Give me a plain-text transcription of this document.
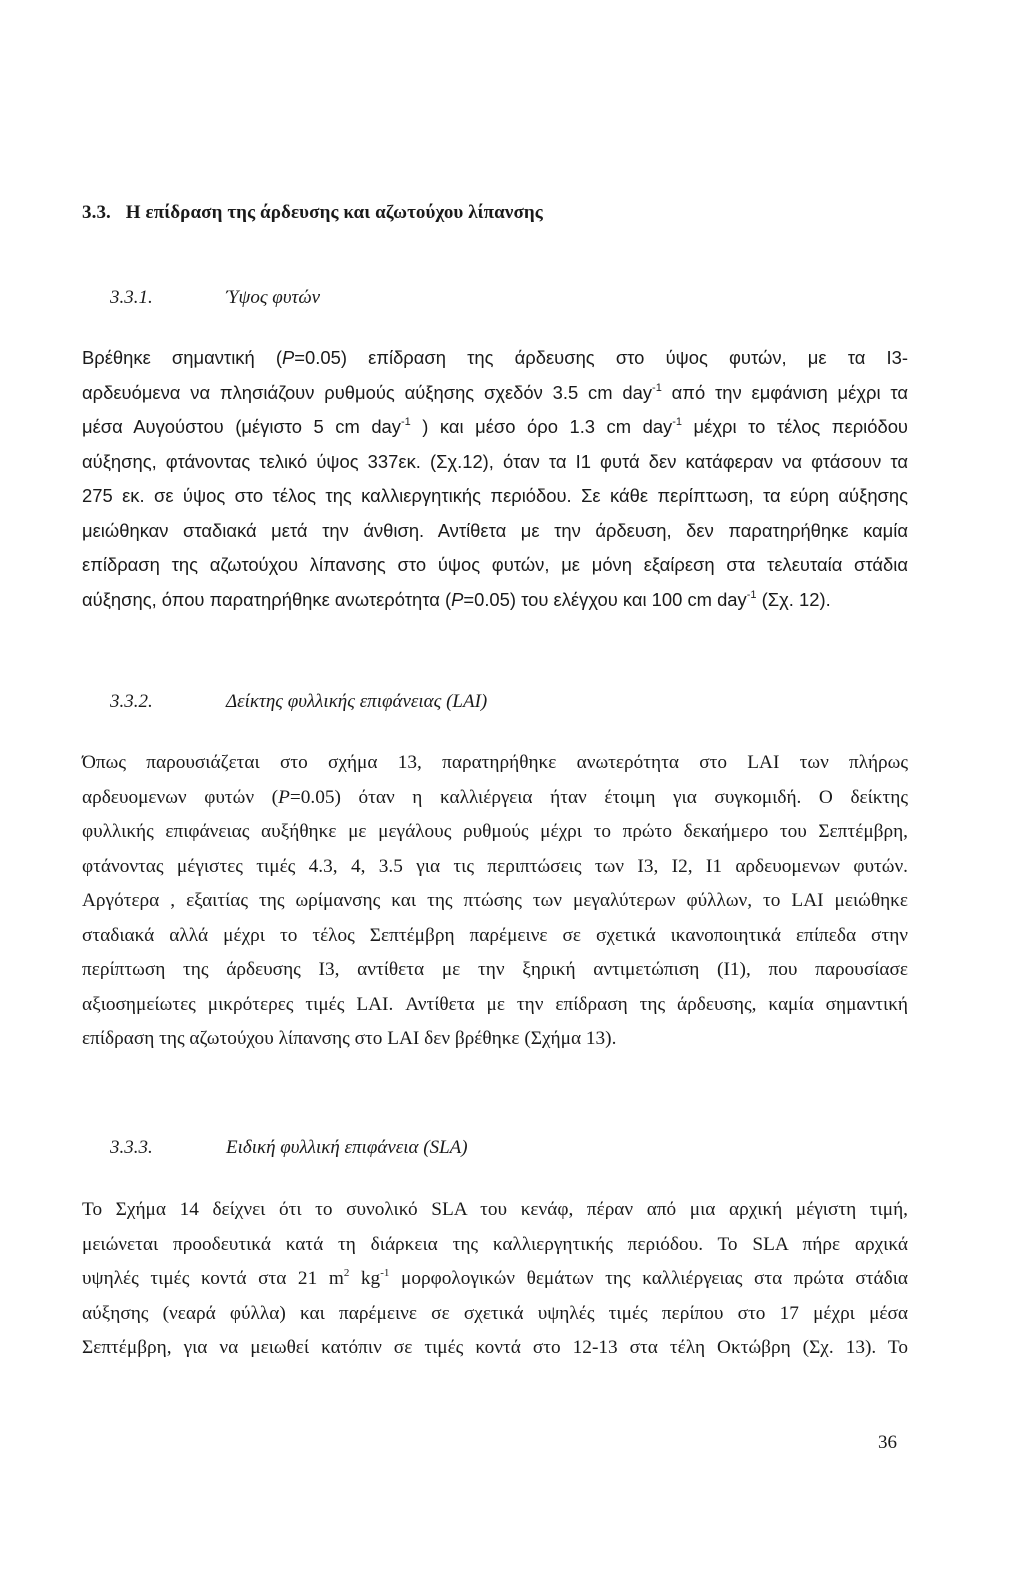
3.3. Η επίδραση της άρδευσης και αζωτούχου λίπανσης
3.3.1.	Ύψος φυτών
Βρέθηκε σημαντική (P=0.05) επίδραση της άρδευσης στο ύψος φυτών, με τα Ι3-
αρδευόμενα να πλησιάζουν ρυθμούς αύξησης σχεδόν 3.5 cm day$^{-1}$ από την εμφάνιση μέχρι τα
μέσα Αυγούστου (μέγιστο 5 cm day$^{-1}$ ) και μέσο όρο 1.3 cm day$^{-1}$ μέχρι το τέλος περιόδου
αύξησης, φτάνοντας τελικό ύψος 337εκ. (Σχ.12), όταν τα Ι1 φυτά δεν κατάφεραν να φτάσουν τα
275 εκ. σε ύψος στο τέλος της καλλιεργητικής περιόδου. Σε κάθε περίπτωση, τα εύρη αύξησης
μειώθηκαν σταδιακά μετά την άνθιση. Αντίθετα με την άρδευση, δεν παρατηρήθηκε καμία
επίδραση της αζωτούχου λίπανσης στο ύψος φυτών, με μόνη εξαίρεση στα τελευταία στάδια
αύξησης, όπου παρατηρήθηκε ανωτερότητα (P=0.05) του ελέγχου και 100 cm day$^{-1}$ (Σχ. 12).
3.3.2.	Δείκτης φυλλικής επιφάνειας (LAI)
Όπως παρουσιάζεται στο σχήμα 13, παρατηρήθηκε ανωτερότητα στο LAI των πλήρως
αρδευομενων φυτών (P=0.05) όταν η καλλιέργεια ήταν έτοιμη για συγκομιδή. Ο δείκτης
φυλλικής επιφάνειας αυξήθηκε με μεγάλους ρυθμούς μέχρι το πρώτο δεκαήμερο του Σεπτέμβρη,
φτάνοντας μέγιστες τιμές 4.3, 4, 3.5 για τις περιπτώσεις των Ι3, Ι2, Ι1 αρδευομενων φυτών.
Αργότερα , εξαιτίας της ωρίμανσης και της πτώσης των μεγαλύτερων φύλλων, το LAI μειώθηκε
σταδιακά αλλά μέχρι το τέλος Σεπτέμβρη παρέμεινε σε σχετικά ικανοποιητικά επίπεδα στην
περίπτωση της άρδευσης Ι3, αντίθετα με την ξηρική αντιμετώπιση (Ι1), που παρουσίασε
αξιοσημείωτες μικρότερες τιμές LAI. Αντίθετα με την επίδραση της άρδευσης, καμία σημαντική
επίδραση της αζωτούχου λίπανσης στο LAI δεν βρέθηκε (Σχήμα 13).
3.3.3.	Ειδική φυλλική επιφάνεια (SLA)
Το Σχήμα 14 δείχνει ότι το συνολικό SLA του κενάφ, πέραν από μια αρχική μέγιστη τιμή,
μειώνεται προοδευτικά κατά τη διάρκεια της καλλιεργητικής περιόδου. Το SLA πήρε αρχικά
υψηλές τιμές κοντά στα 21 $m^2$ $kg^{-1}$ μορφολογικών θεμάτων της καλλιέργειας στα πρώτα στάδια
αύξησης (νεαρά φύλλα) και παρέμεινε σε σχετικά υψηλές τιμές περίπου στο 17 μέχρι μέσα
Σεπτέμβρη, για να μειωθεί κατόπιν σε τιμές κοντά στο 12-13 στα τέλη Οκτώβρη (Σχ. 13). Το
36
